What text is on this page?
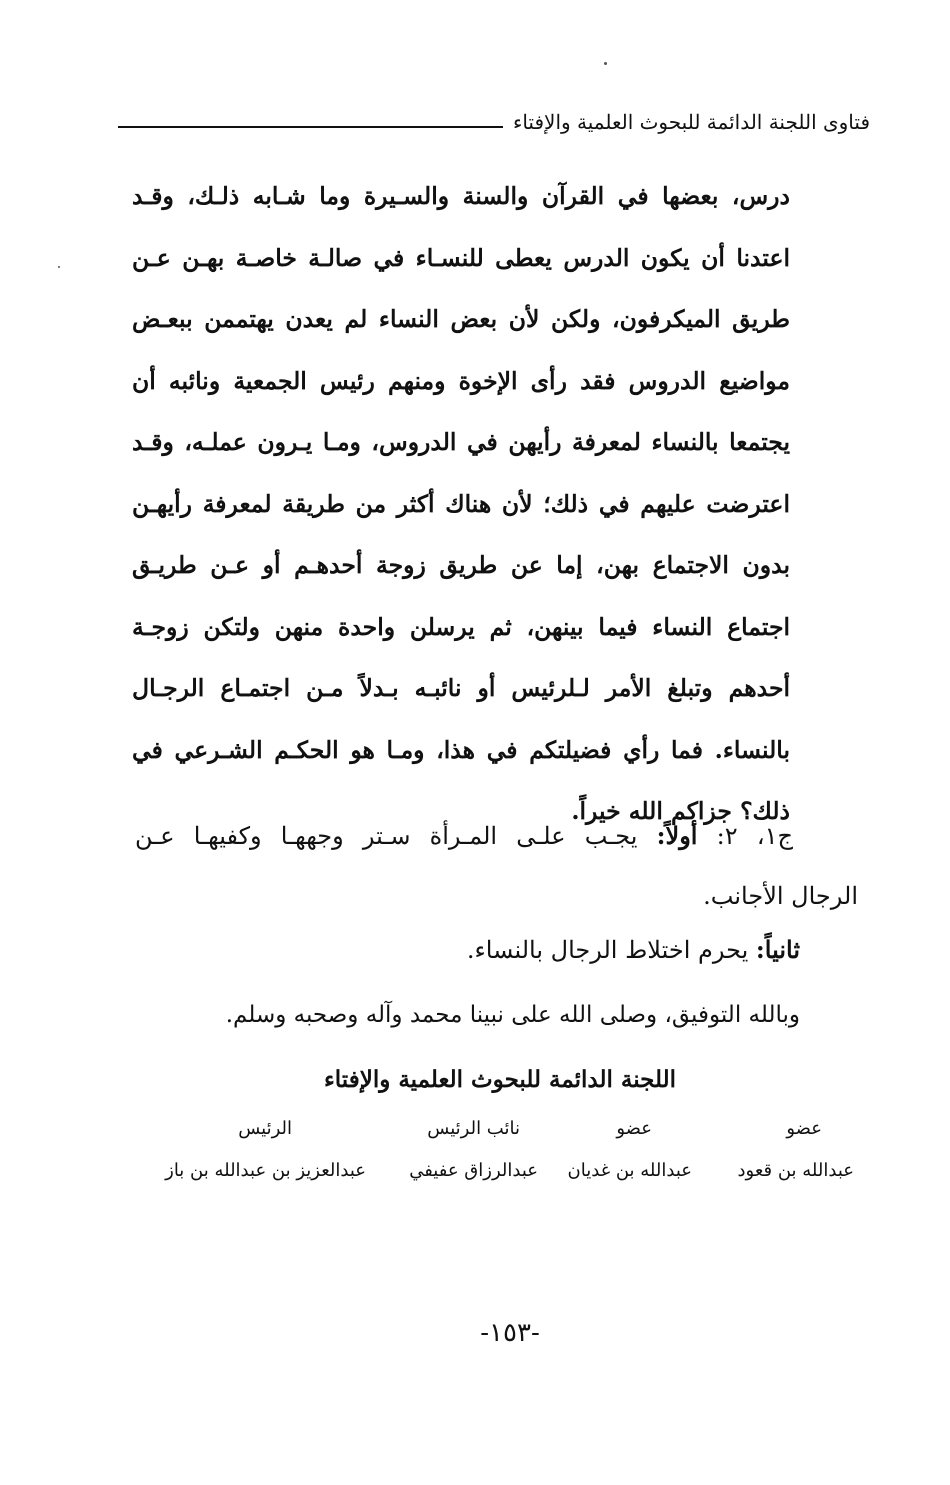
فتاوى اللجنة الدائمة للبحوث العلمية والإفتاء
درس، بعضها في القرآن والسنة والسـيرة وما شـابه ذلـك، وقـد
اعتدنا أن يكون الدرس يعطى للنسـاء في صالـة خاصـة بهـن عـن
طريق الميكرفون، ولكن لأن بعض النساء لم يعدن يهتممن ببعـض
مواضيع الدروس فقد رأى الإخوة ومنهم رئيس الجمعية ونائبه أن
يجتمعا بالنساء لمعرفة رأيهن في الدروس، ومـا يـرون عملـه، وقـد
اعترضت عليهم في ذلك؛ لأن هناك أكثر من طريقة لمعرفة رأيهـن
بدون الاجتماع بهن، إما عن طريق زوجة أحدهـم أو عـن طريـق
اجتماع النساء فيما بينهن، ثم يرسلن واحدة منهن ولتكن زوجـة
أحدهم وتبلغ الأمر لـلرئيس أو نائبـه بـدلاً مـن اجتمـاع الرجـال
بالنساء. فما رأي فضيلتكم في هذا، ومـا هو الحكـم الشـرعي في
ذلك؟ جزاكم الله خيراً.
ج١، ٢: أولاً: يجـب علـى المـرأة سـتر وجههـا وكفيهـا عـن
الرجال الأجانب.
ثانياً: يحرم اختلاط الرجال بالنساء.
وبالله التوفيق، وصلى الله على نبينا محمد وآله وصحبه وسلم.
اللجنة الدائمة للبحوث العلمية والإفتاء
عضو
عضو
نائب الرئيس
الرئيس
عبدالله بن قعود
عبدالله بن غديان
عبدالرزاق عفيفي
عبدالعزيز بن عبدالله بن باز
-١٥٣-
